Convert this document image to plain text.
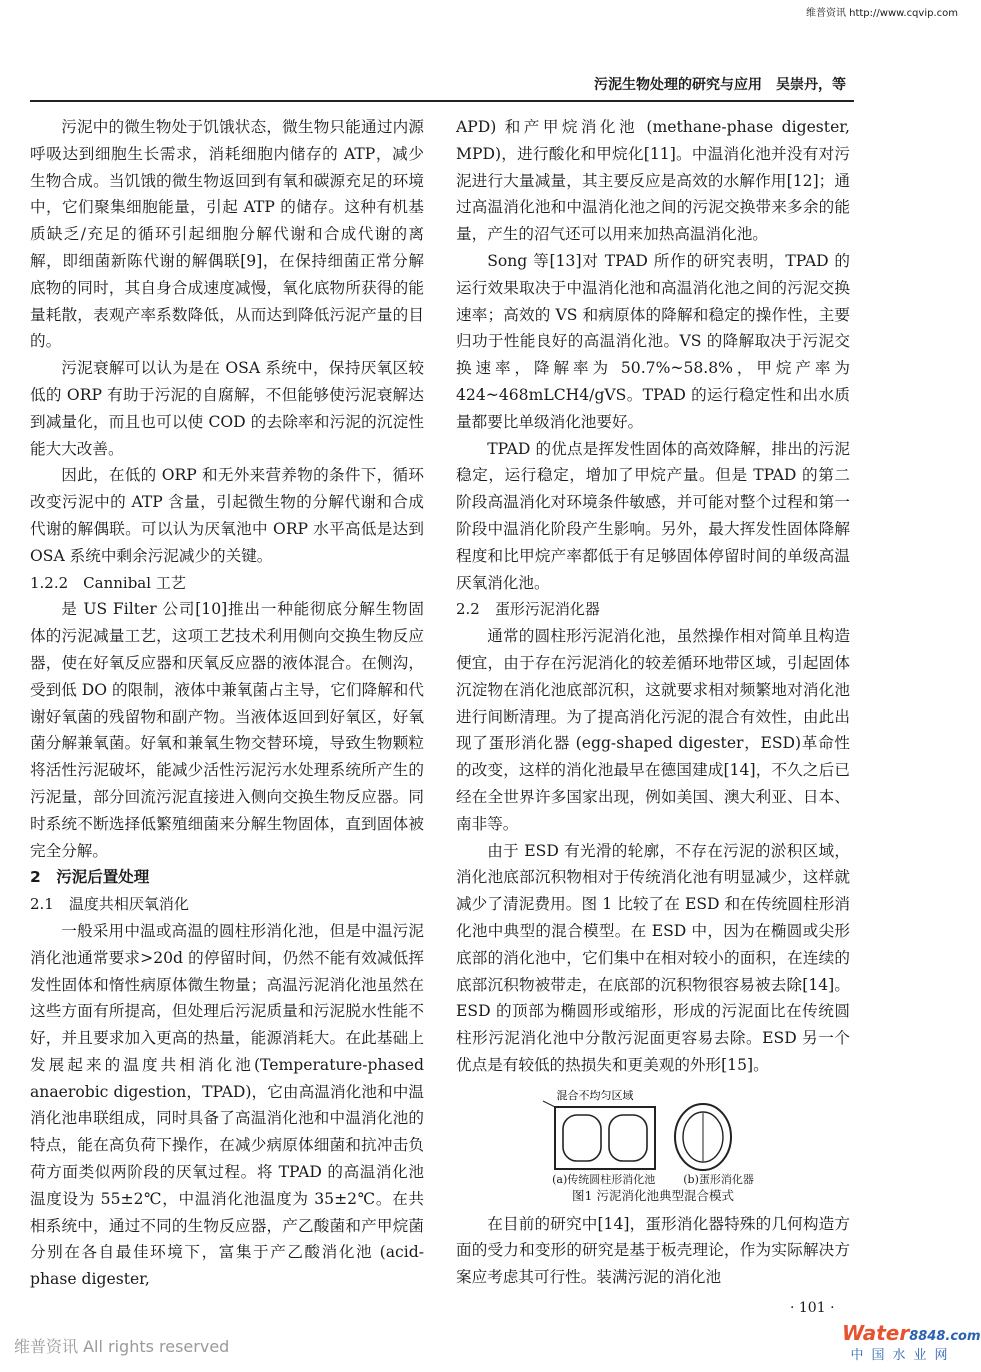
维普资讯 http://www.cqvip.com
污泥生物处理的研究与应用　吴崇丹，等

污泥中的微生物处于饥饿状态，微生物只能通过内源呼吸达到细胞生长需求，消耗细胞内储存的 ATP，减少生物合成。当饥饿的微生物返回到有氧和碳源充足的环境中，它们聚集细胞能量，引起 ATP 的储存。这种有机基质缺乏/充足的循环引起细胞分解代谢和合成代谢的离解，即细菌新陈代谢的解偶联[9]，在保持细菌正常分解底物的同时，其自身合成速度减慢，氧化底物所获得的能量耗散，表观产率系数降低，从而达到降低污泥产量的目的。

污泥衰解可以认为是在 OSA 系统中，保持厌氧区较低的 ORP 有助于污泥的自腐解，不但能够使污泥衰解达到减量化，而且也可以使 COD 的去除率和污泥的沉淀性能大大改善。

因此，在低的 ORP 和无外来营养物的条件下，循环改变污泥中的 ATP 含量，引起微生物的分解代谢和合成代谢的解偶联。可以认为厌氧池中 ORP 水平高低是达到 OSA 系统中剩余污泥减少的关键。

1.2.2　Cannibal 工艺

是 US Filter 公司[10]推出一种能彻底分解生物固体的污泥减量工艺，这项工艺技术利用侧向交换生物反应器，使在好氧反应器和厌氧反应器的液体混合。在侧沟，受到低 DO 的限制，液体中兼氧菌占主导，它们降解和代谢好氧菌的残留物和副产物。当液体返回到好氧区，好氧菌分解兼氧菌。好氧和兼氧生物交替环境，导致生物颗粒将活性污泥破坏，能减少活性污泥污水处理系统所产生的污泥量，部分回流污泥直接进入侧向交换生物反应器。同时系统不断选择低繁殖细菌来分解生物固体，直到固体被完全分解。

2　污泥后置处理

2.1　温度共相厌氧消化

一般采用中温或高温的圆柱形消化池，但是中温污泥消化池通常要求>20d 的停留时间，仍然不能有效减低挥发性固体和惰性病原体微生物量；高温污泥消化池虽然在这些方面有所提高，但处理后污泥质量和污泥脱水性能不好，并且要求加入更高的热量，能源消耗大。在此基础上发展起来的温度共相消化池(Temperature-phased anaerobic digestion，TPAD)，它由高温消化池和中温消化池串联组成，同时具备了高温消化池和中温消化池的特点，能在高负荷下操作，在减少病原体细菌和抗冲击负荷方面类似两阶段的厌氧过程。将 TPAD 的高温消化池温度设为 55±2℃，中温消化池温度为 35±2℃。在共相系统中，通过不同的生物反应器，产乙酸菌和产甲烷菌分别在各自最佳环境下，富集于产乙酸消化池 (acid-phase digester,

APD) 和产甲烷消化池 (methane-phase digester, MPD)，进行酸化和甲烷化[11]。中温消化池并没有对污泥进行大量减量，其主要反应是高效的水解作用[12]；通过高温消化池和中温消化池之间的污泥交换带来多余的能量，产生的沼气还可以用来加热高温消化池。

Song 等[13]对 TPAD 所作的研究表明，TPAD 的运行效果取决于中温消化池和高温消化池之间的污泥交换速率；高效的 VS 和病原体的降解和稳定的操作性，主要归功于性能良好的高温消化池。VS 的降解取决于污泥交换速率，降解率为 50.7%~58.8%，甲烷产率为 424~468mLCH4/gVS。TPAD 的运行稳定性和出水质量都要比单级消化池要好。

TPAD 的优点是挥发性固体的高效降解，排出的污泥稳定，运行稳定，增加了甲烷产量。但是 TPAD 的第二阶段高温消化对环境条件敏感，并可能对整个过程和第一阶段中温消化阶段产生影响。另外，最大挥发性固体降解程度和比甲烷产率都低于有足够固体停留时间的单级高温厌氧消化池。

2.2　蛋形污泥消化器

通常的圆柱形污泥消化池，虽然操作相对简单且构造便宜，由于存在污泥消化的较差循环地带区域，引起固体沉淀物在消化池底部沉积，这就要求相对频繁地对消化池进行间断清理。为了提高消化污泥的混合有效性，由此出现了蛋形消化器 (egg-shaped digester，ESD)革命性的改变，这样的消化池最早在德国建成[14]，不久之后已经在全世界许多国家出现，例如美国、澳大利亚、日本、南非等。

由于 ESD 有光滑的轮廓，不存在污泥的淤积区域，消化池底部沉积物相对于传统消化池有明显减少，这样就减少了清泥费用。图 1 比较了在 ESD 和在传统圆柱形消化池中典型的混合模型。在 ESD 中，因为在椭圆或尖形底部的消化池中，它们集中在相对较小的面积，在连续的底部沉积物被带走，在底部的沉积物很容易被去除[14]。ESD 的顶部为椭圆形或缩形，形成的污泥面比在传统圆柱形污泥消化池中分散污泥面更容易去除。ESD 另一个优点是有较低的热损失和更美观的外形[15]。

混合不均匀区域
(a)传统圆柱形消化池	(b)蛋形消化器
图1 污泥消化池典型混合模式

在目前的研究中[14]，蛋形消化器特殊的几何构造方面的受力和变形的研究是基于板壳理论，作为实际解决方案应考虑其可行性。装满污泥的消化池

· 101 ·
维普资讯 All rights reserved
Water8848.com
中国水业网
